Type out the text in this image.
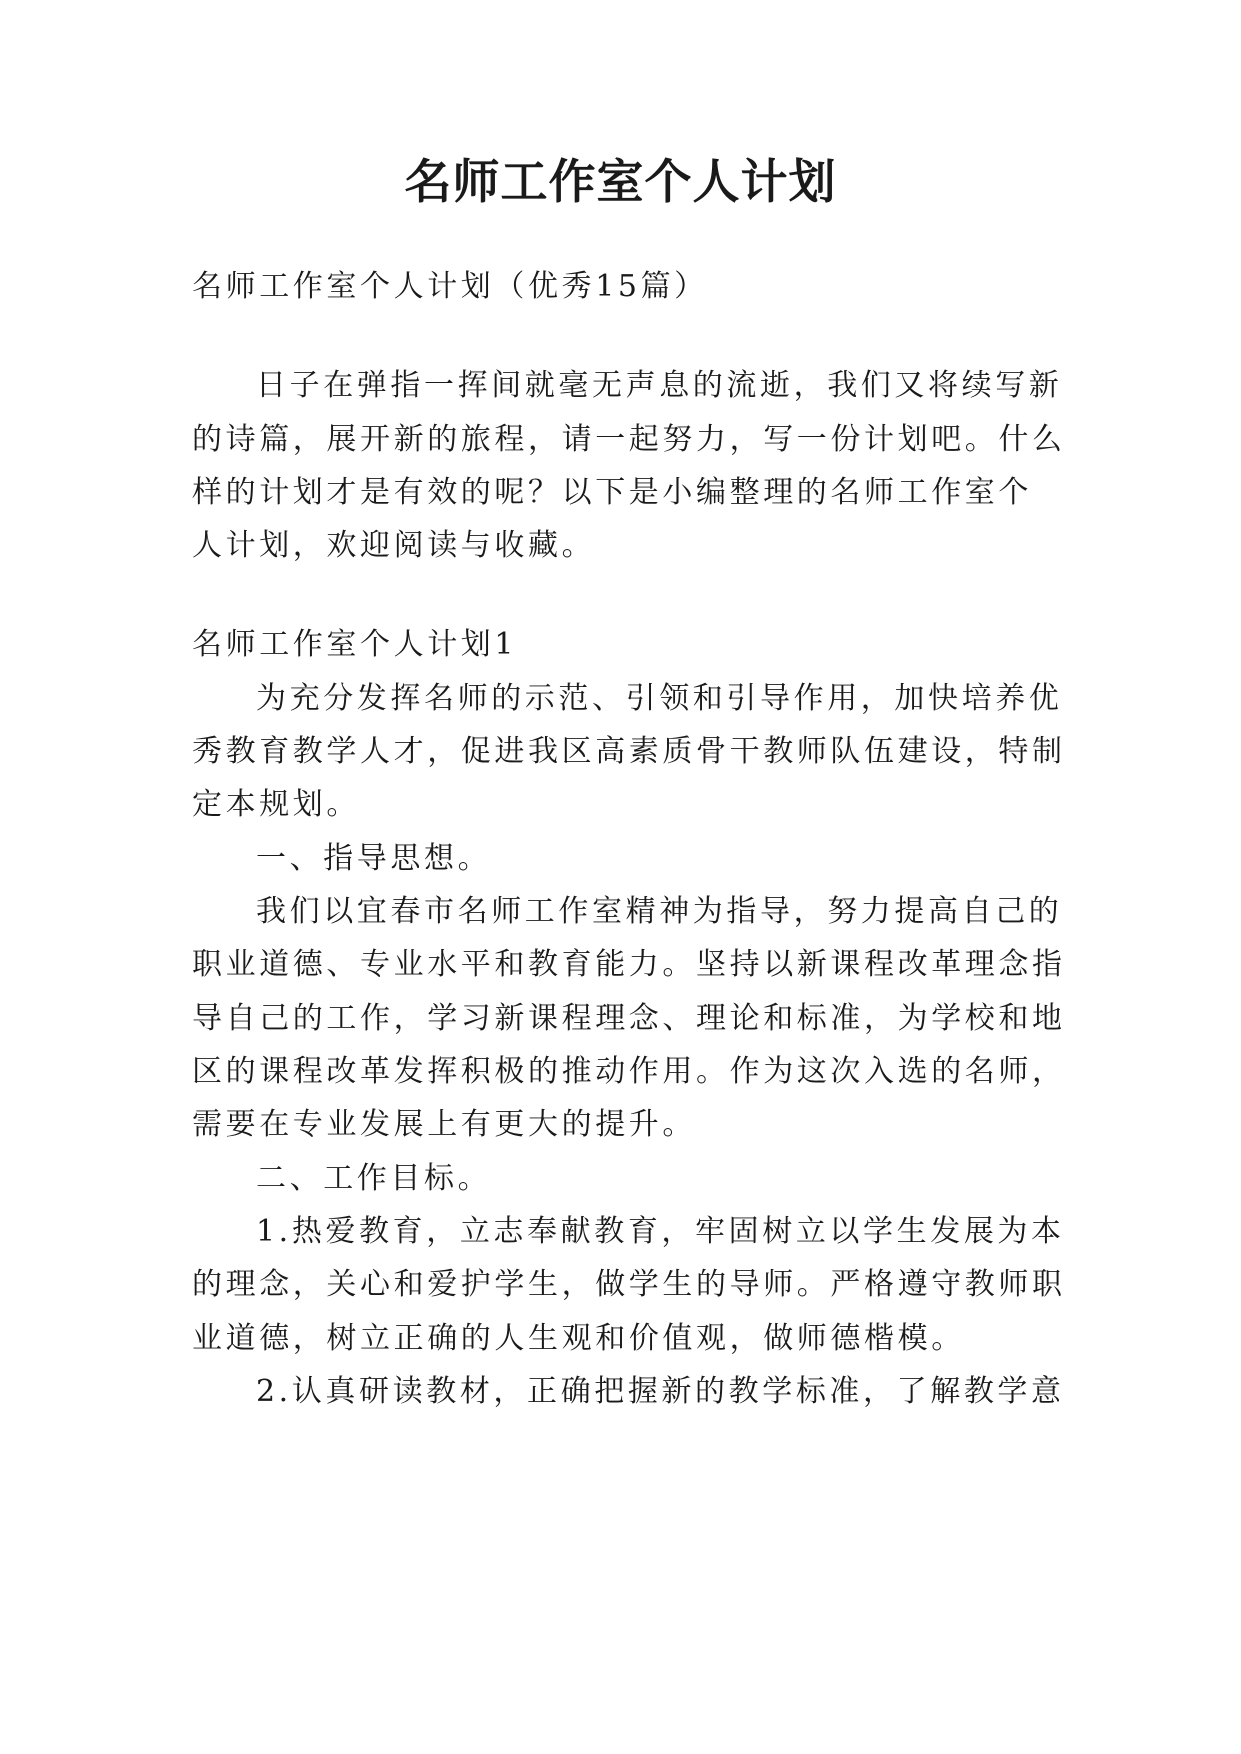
名师工作室个人计划

名师工作室个人计划（优秀15篇）

日子在弹指一挥间就毫无声息的流逝，我们又将续写新

的诗篇，展开新的旅程，请一起努力，写一份计划吧。什么

样的计划才是有效的呢？以下是小编整理的名师工作室个

人计划，欢迎阅读与收藏。

名师工作室个人计划1

为充分发挥名师的示范、引领和引导作用，加快培养优

秀教育教学人才，促进我区高素质骨干教师队伍建设，特制

定本规划。

一、指导思想。

我们以宜春市名师工作室精神为指导，努力提高自己的

职业道德、专业水平和教育能力。坚持以新课程改革理念指

导自己的工作，学习新课程理念、理论和标准，为学校和地

区的课程改革发挥积极的推动作用。作为这次入选的名师，

需要在专业发展上有更大的提升。

二、工作目标。

1.热爱教育，立志奉献教育，牢固树立以学生发展为本

的理念，关心和爱护学生，做学生的导师。严格遵守教师职

业道德，树立正确的人生观和价值观，做师德楷模。

2.认真研读教材，正确把握新的教学标准，了解教学意
